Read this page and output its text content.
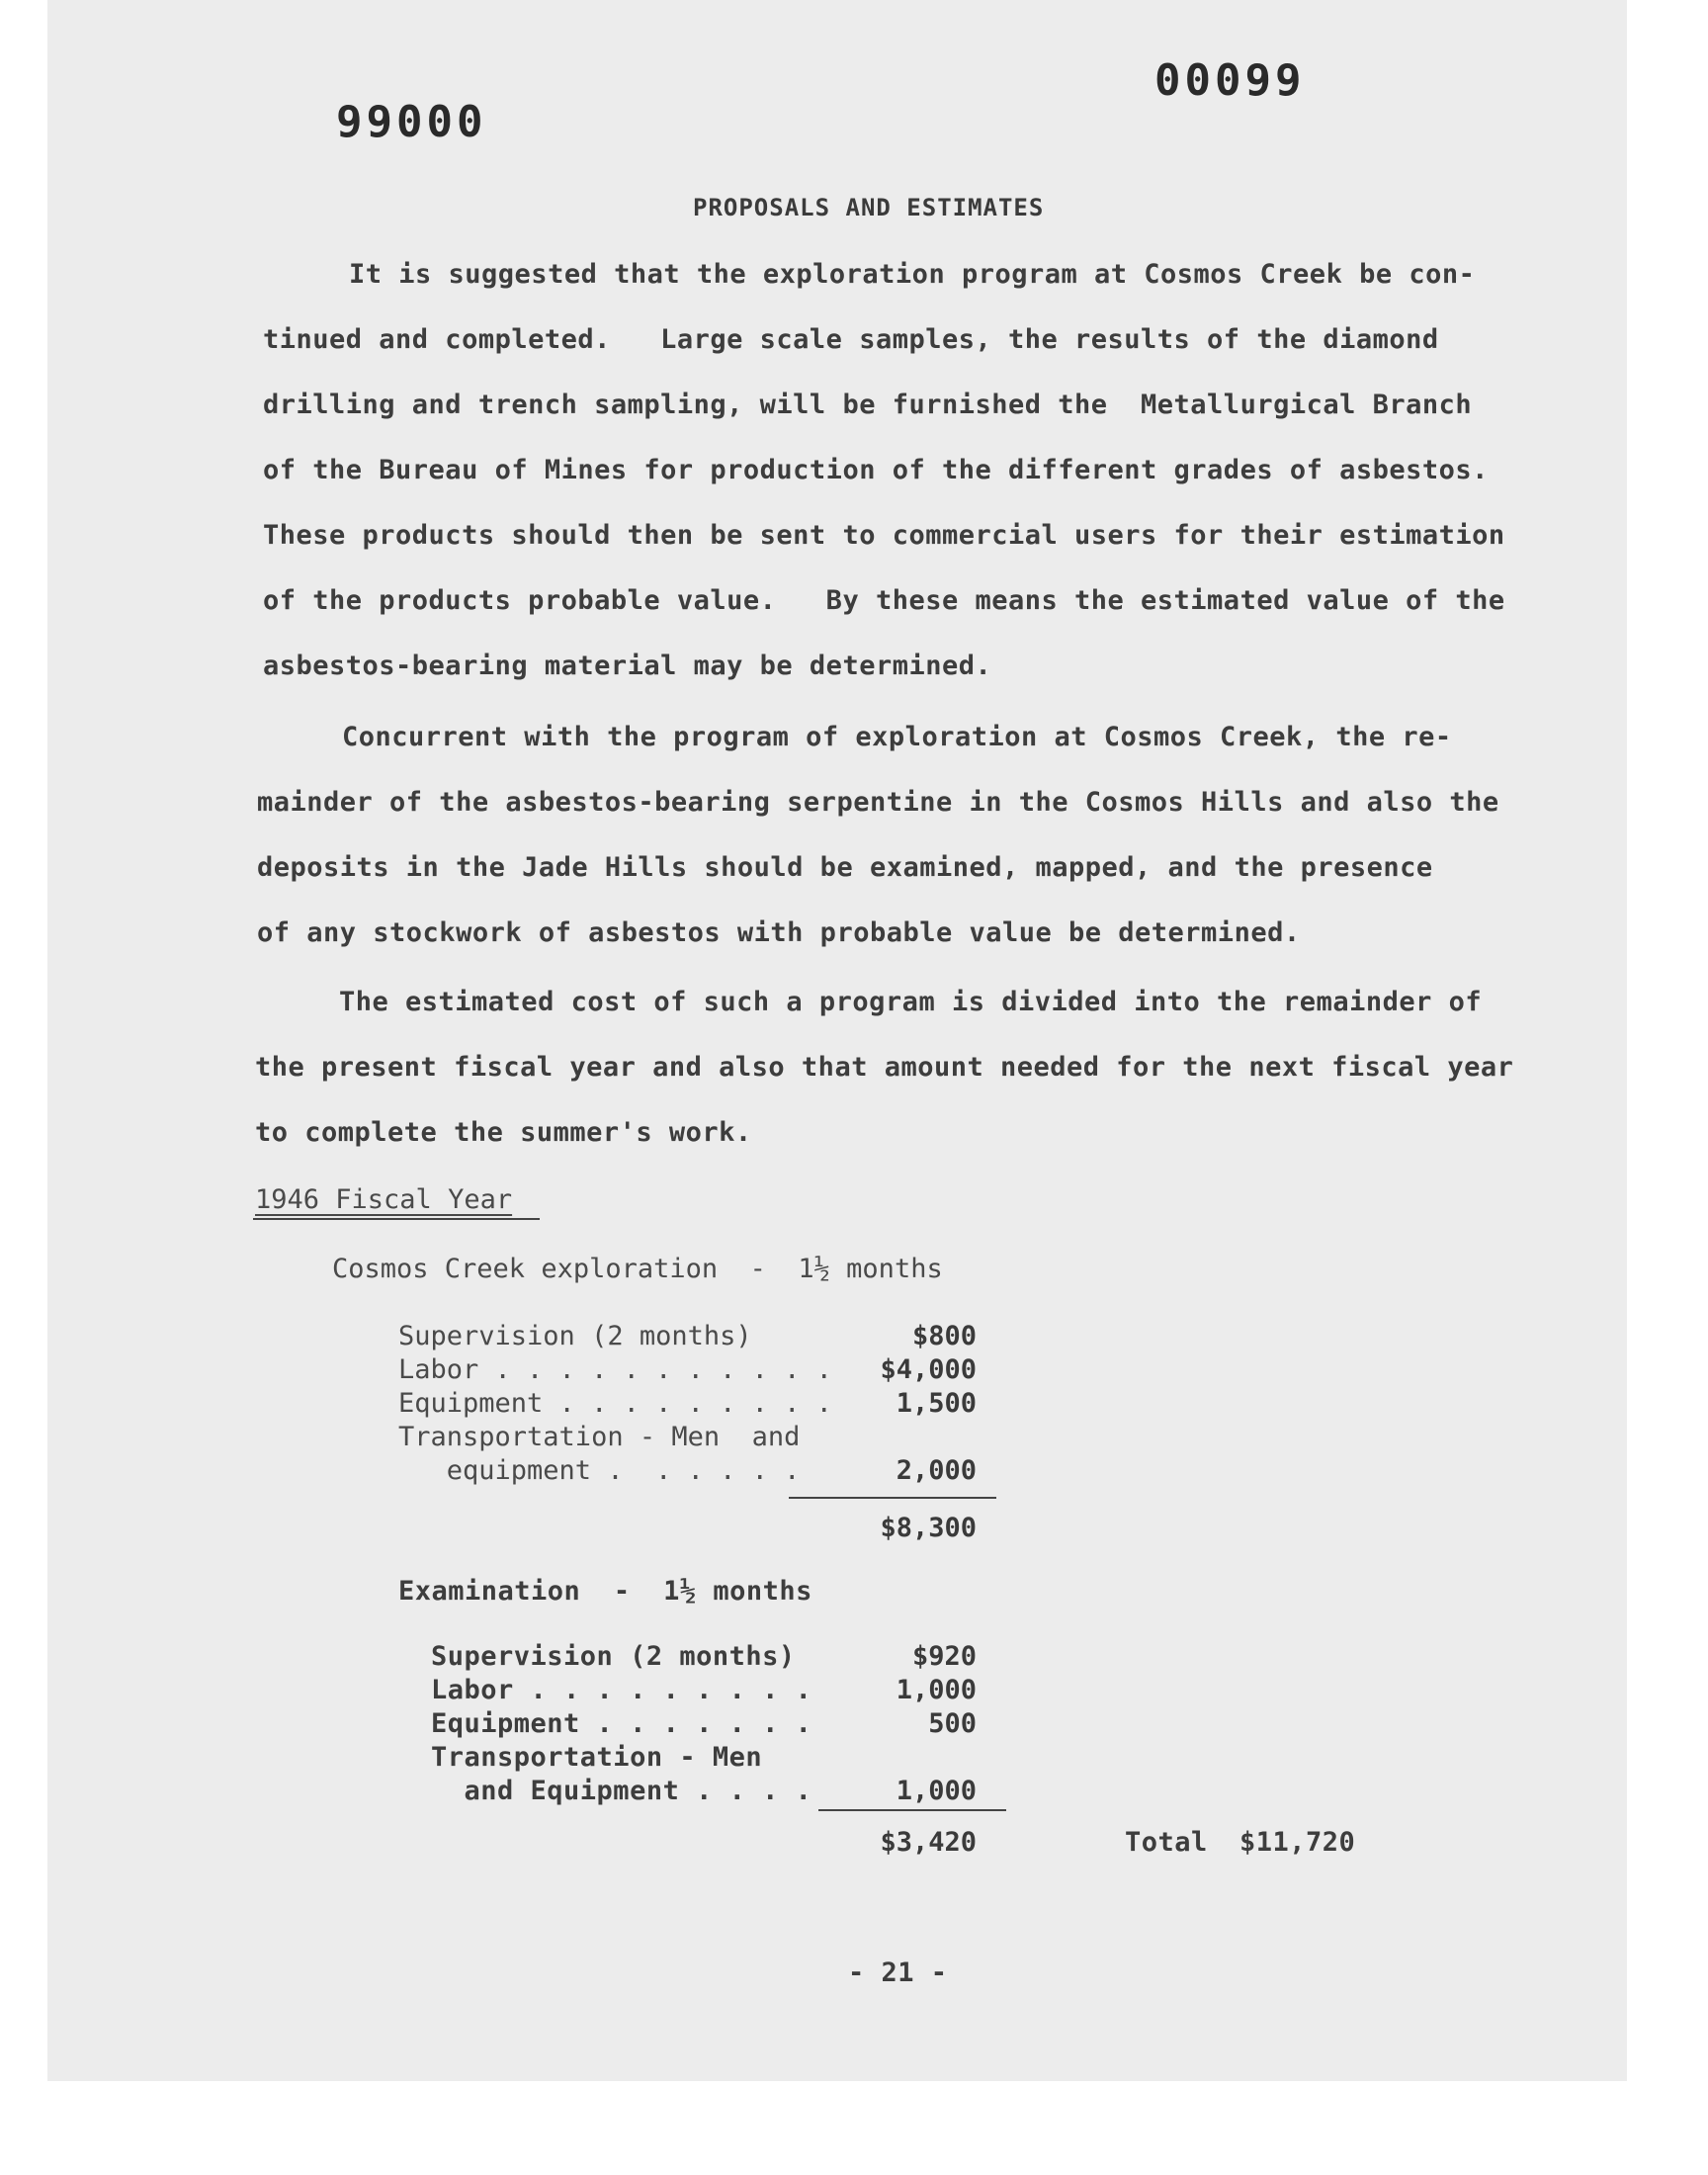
99000
00099
PROPOSALS AND ESTIMATES
It is suggested that the exploration program at Cosmos Creek be con-
tinued and completed.   Large scale samples, the results of the diamond
drilling and trench sampling, will be furnished the  Metallurgical Branch
of the Bureau of Mines for production of the different grades of asbestos.
These products should then be sent to commercial users for their estimation
of the products probable value.   By these means the estimated value of the
asbestos-bearing material may be determined.
Concurrent with the program of exploration at Cosmos Creek, the re-
mainder of the asbestos-bearing serpentine in the Cosmos Hills and also the
deposits in the Jade Hills should be examined, mapped, and the presence
of any stockwork of asbestos with probable value be determined.
The estimated cost of such a program is divided into the remainder of
the present fiscal year and also that amount needed for the next fiscal year
to complete the summer's work.
1946 Fiscal Year
Cosmos Creek exploration  -  1½ months
Supervision (2 months)	$800
Labor . . . . . . . . . . .	$4,000
Equipment . . . . . . . . .	1,500
Transportation - Men  and
equipment .  . . . . .	2,000
$8,300
Examination  -  1½ months
Supervision (2 months)	$920
Labor . . . . . . . . .	1,000
Equipment . . . . . . .	500
Transportation - Men
and Equipment . . . .	1,000
$3,420	Total $11,720
- 21 -
